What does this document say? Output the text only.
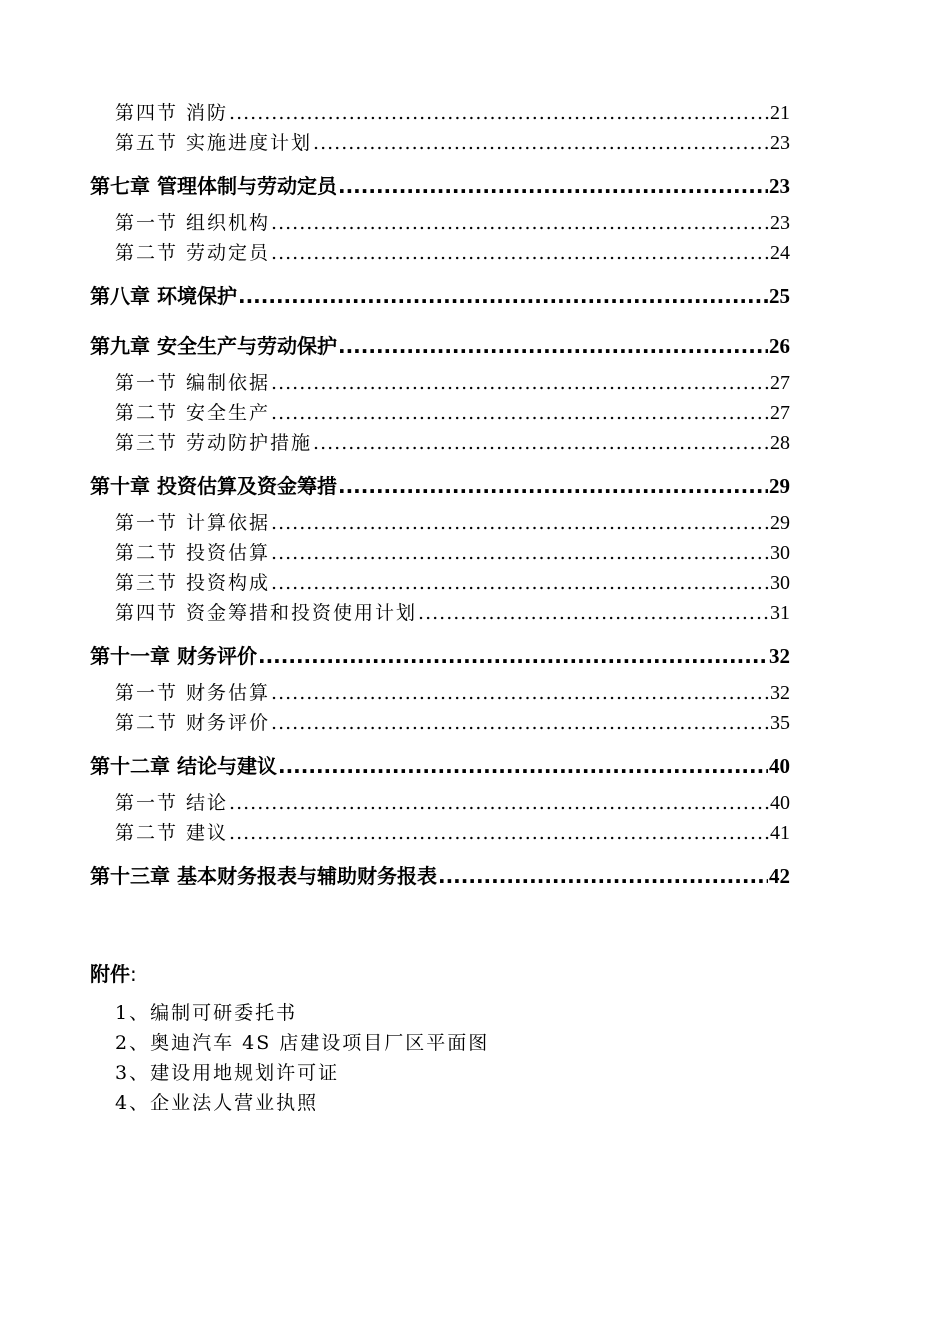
第四节 消防 .....	21
第五节 实施进度计划 .....	23
第七章 管理体制与劳动定员 .....	23
第一节 组织机构 .....	23
第二节 劳动定员 .....	24
第八章 环境保护 .....	25
第九章 安全生产与劳动保护 .....	26
第一节 编制依据 .....	27
第二节 安全生产 .....	27
第三节 劳动防护措施 .....	28
第十章 投资估算及资金筹措 .....	29
第一节 计算依据 .....	29
第二节 投资估算 .....	30
第三节 投资构成 .....	30
第四节 资金筹措和投资使用计划 .....	31
第十一章 财务评价 .....	32
第一节 财务估算 .....	32
第二节 财务评价 .....	35
第十二章 结论与建议 .....	40
第一节 结论 .....	40
第二节 建议 .....	41
第十三章 基本财务报表与辅助财务报表 .....	42
附件:
1、编制可研委托书
2、奥迪汽车 4S 店建设项目厂区平面图
3、建设用地规划许可证
4、企业法人营业执照
